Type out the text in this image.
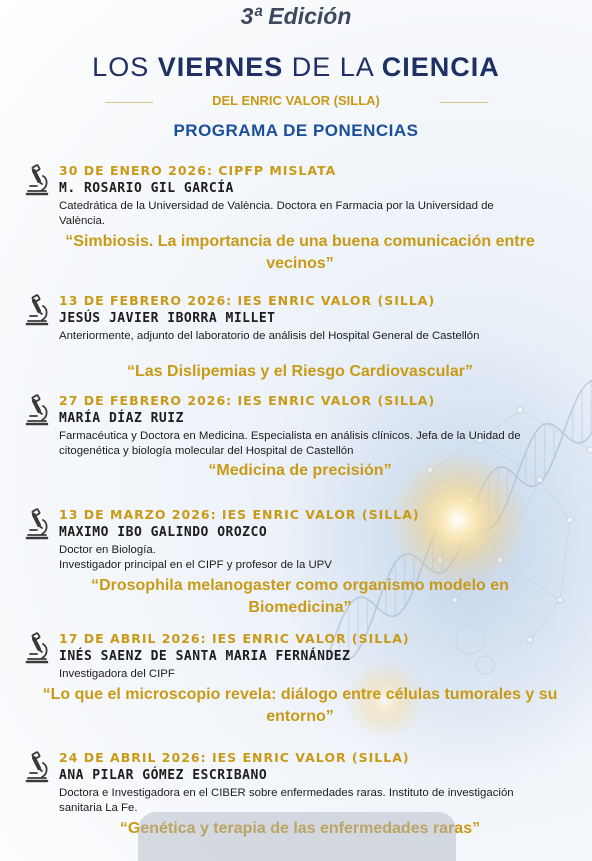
3ª Edición
LOS VIERNES DE LA CIENCIA
DEL ENRIC VALOR (SILLA)
PROGRAMA DE PONENCIAS
30 DE ENERO 2026: CIPFP MISLATA
M. ROSARIO GIL GARCÍA
Catedrática de la Universidad de València. Doctora en Farmacia por la Universidad de València.
“Simbiosis. La importancia de una buena comunicación entre vecinos”
13 DE FEBRERO 2026: IES ENRIC VALOR (SILLA)
JESÚS JAVIER IBORRA MILLET
Anteriormente, adjunto del laboratorio de análisis del Hospital General de Castellón
“Las Dislipemias y el Riesgo Cardiovascular”
27 DE FEBRERO 2026: IES ENRIC VALOR (SILLA)
MARÍA DÍAZ RUIZ
Farmacéutica y Doctora en Medicina. Especialista en análisis clínicos. Jefa de la Unidad de citogenética y biología molecular del Hospital de Castellón
“Medicina de precisión”
13 DE MARZO 2026: IES ENRIC VALOR (SILLA)
MAXIMO IBO GALINDO OROZCO
Doctor en Biología.
Investigador principal en el CIPF y profesor de la UPV
“Drosophila melanogaster como organismo modelo en Biomedicina”
17 DE ABRIL 2026: IES ENRIC VALOR (SILLA)
INÉS SAENZ DE SANTA MARIA FERNÁNDEZ
Investigadora del CIPF
“Lo que el microscopio revela: diálogo entre células tumorales y su entorno”
24 DE ABRIL 2026: IES ENRIC VALOR (SILLA)
ANA PILAR GÓMEZ ESCRIBANO
Doctora e Investigadora en el CIBER sobre enfermedades raras. Instituto de investigación sanitaria La Fe.
“Genética y terapia de las enfermedades raras”
